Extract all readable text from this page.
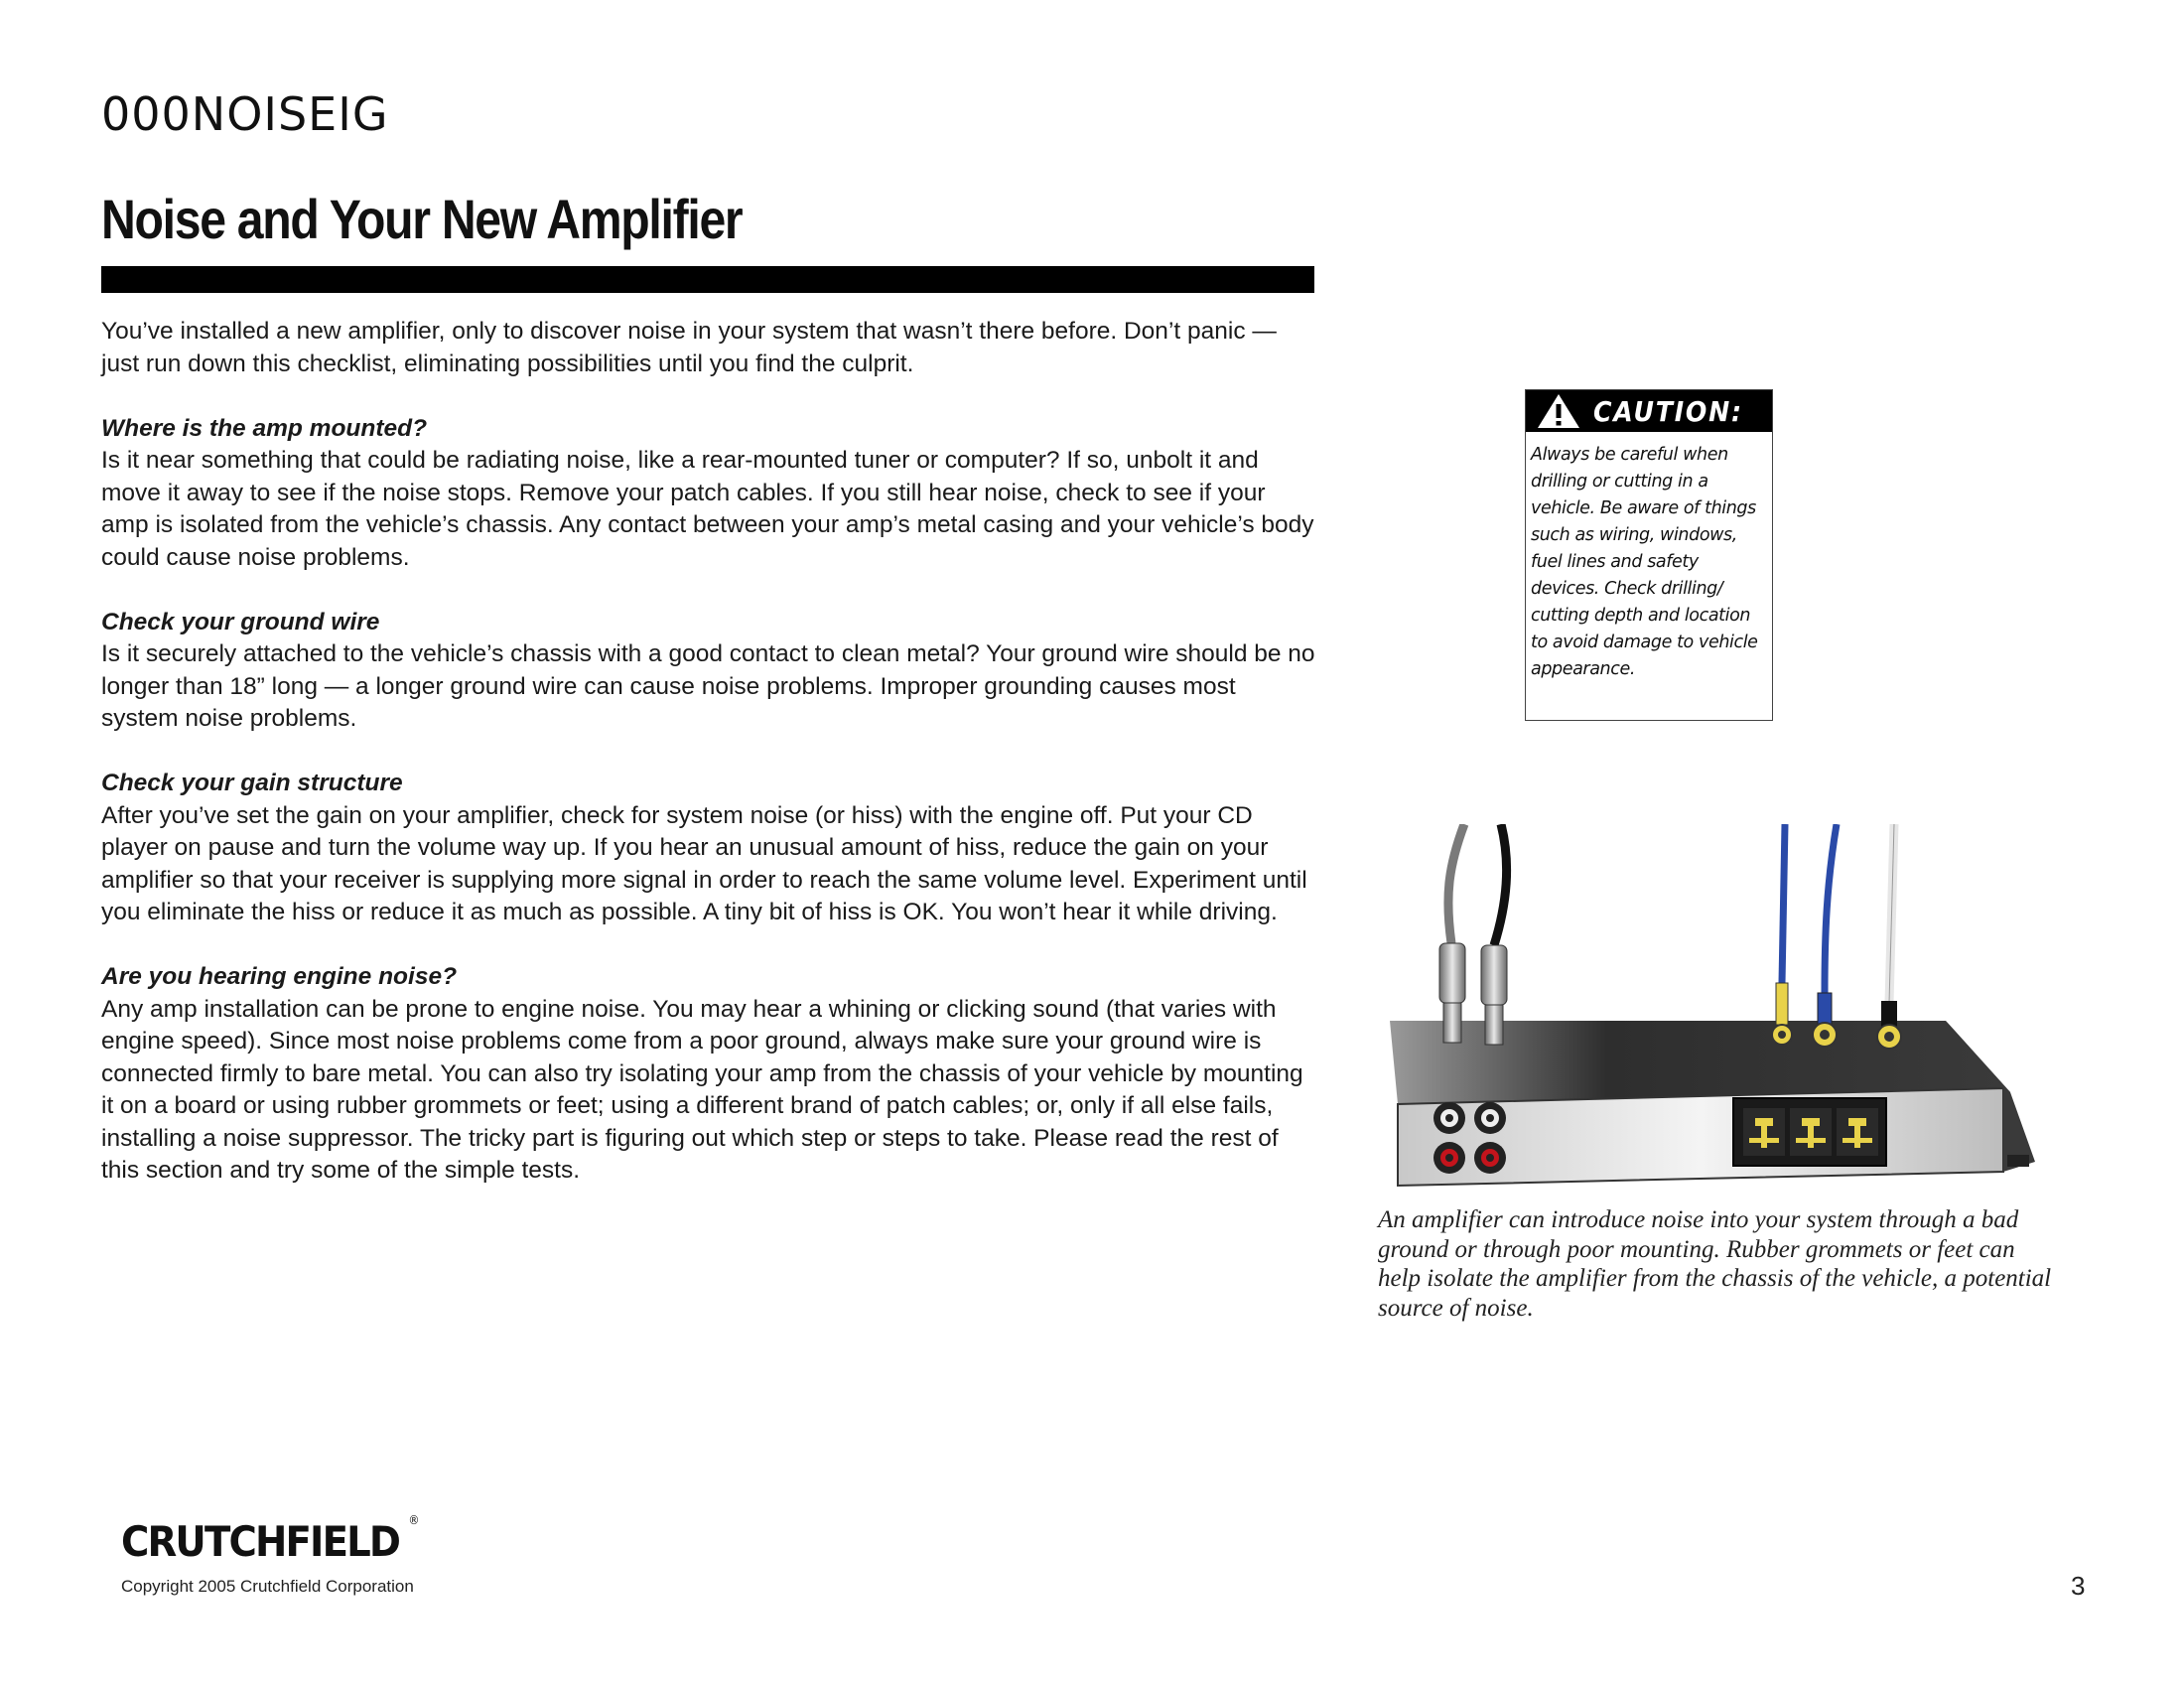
000NOISEIG
Noise and Your New Amplifier

You’ve installed a new amplifier, only to discover noise in your system that wasn’t there before. Don’t panic — just run down this checklist, eliminating possibilities until you find the culprit.

Where is the amp mounted?
Is it near something that could be radiating noise, like a rear-mounted tuner or computer? If so, unbolt it and move it away to see if the noise stops. Remove your patch cables. If you still hear noise, check to see if your amp is isolated from the vehicle’s chassis. Any contact between your amp’s metal casing and your vehicle’s body could cause noise problems.

Check your ground wire
Is it securely attached to the vehicle’s chassis with a good contact to clean metal? Your ground wire should be no longer than 18” long — a longer ground wire can cause noise problems. Improper grounding causes most system noise problems.

Check your gain structure
After you’ve set the gain on your amplifier, check for system noise (or hiss) with the engine off. Put your CD player on pause and turn the volume way up. If you hear an unusual amount of hiss, reduce the gain on your amplifier so that your receiver is supplying more signal in order to reach the same volume level. Experiment until you eliminate the hiss or reduce it as much as possible. A tiny bit of hiss is OK. You won’t hear it while driving.

Are you hearing engine noise?
Any amp installation can be prone to engine noise. You may hear a whining or clicking sound (that varies with engine speed). Since most noise problems come from a poor ground, always make sure your ground wire is connected firmly to bare metal. You can also try isolating your amp from the chassis of your vehicle by mounting it on a board or using rubber grommets or feet; using a different brand of patch cables; or, only if all else fails, installing a noise suppressor. The tricky part is figuring out which step or steps to take. Please read the rest of this section and try some of the simple tests.

CAUTION:
Always be careful when drilling or cutting in a vehicle. Be aware of things such as wiring, windows, fuel lines and safety devices. Check drilling/ cutting depth and location to avoid damage to vehicle appearance.
An amplifier can introduce noise into your system through a bad ground or through poor mounting. Rubber grommets or feet can help isolate the amplifier from the chassis of the vehicle, a potential source of noise.
CRUTCHFIELD ®
Copyright 2005 Crutchfield Corporation	3
